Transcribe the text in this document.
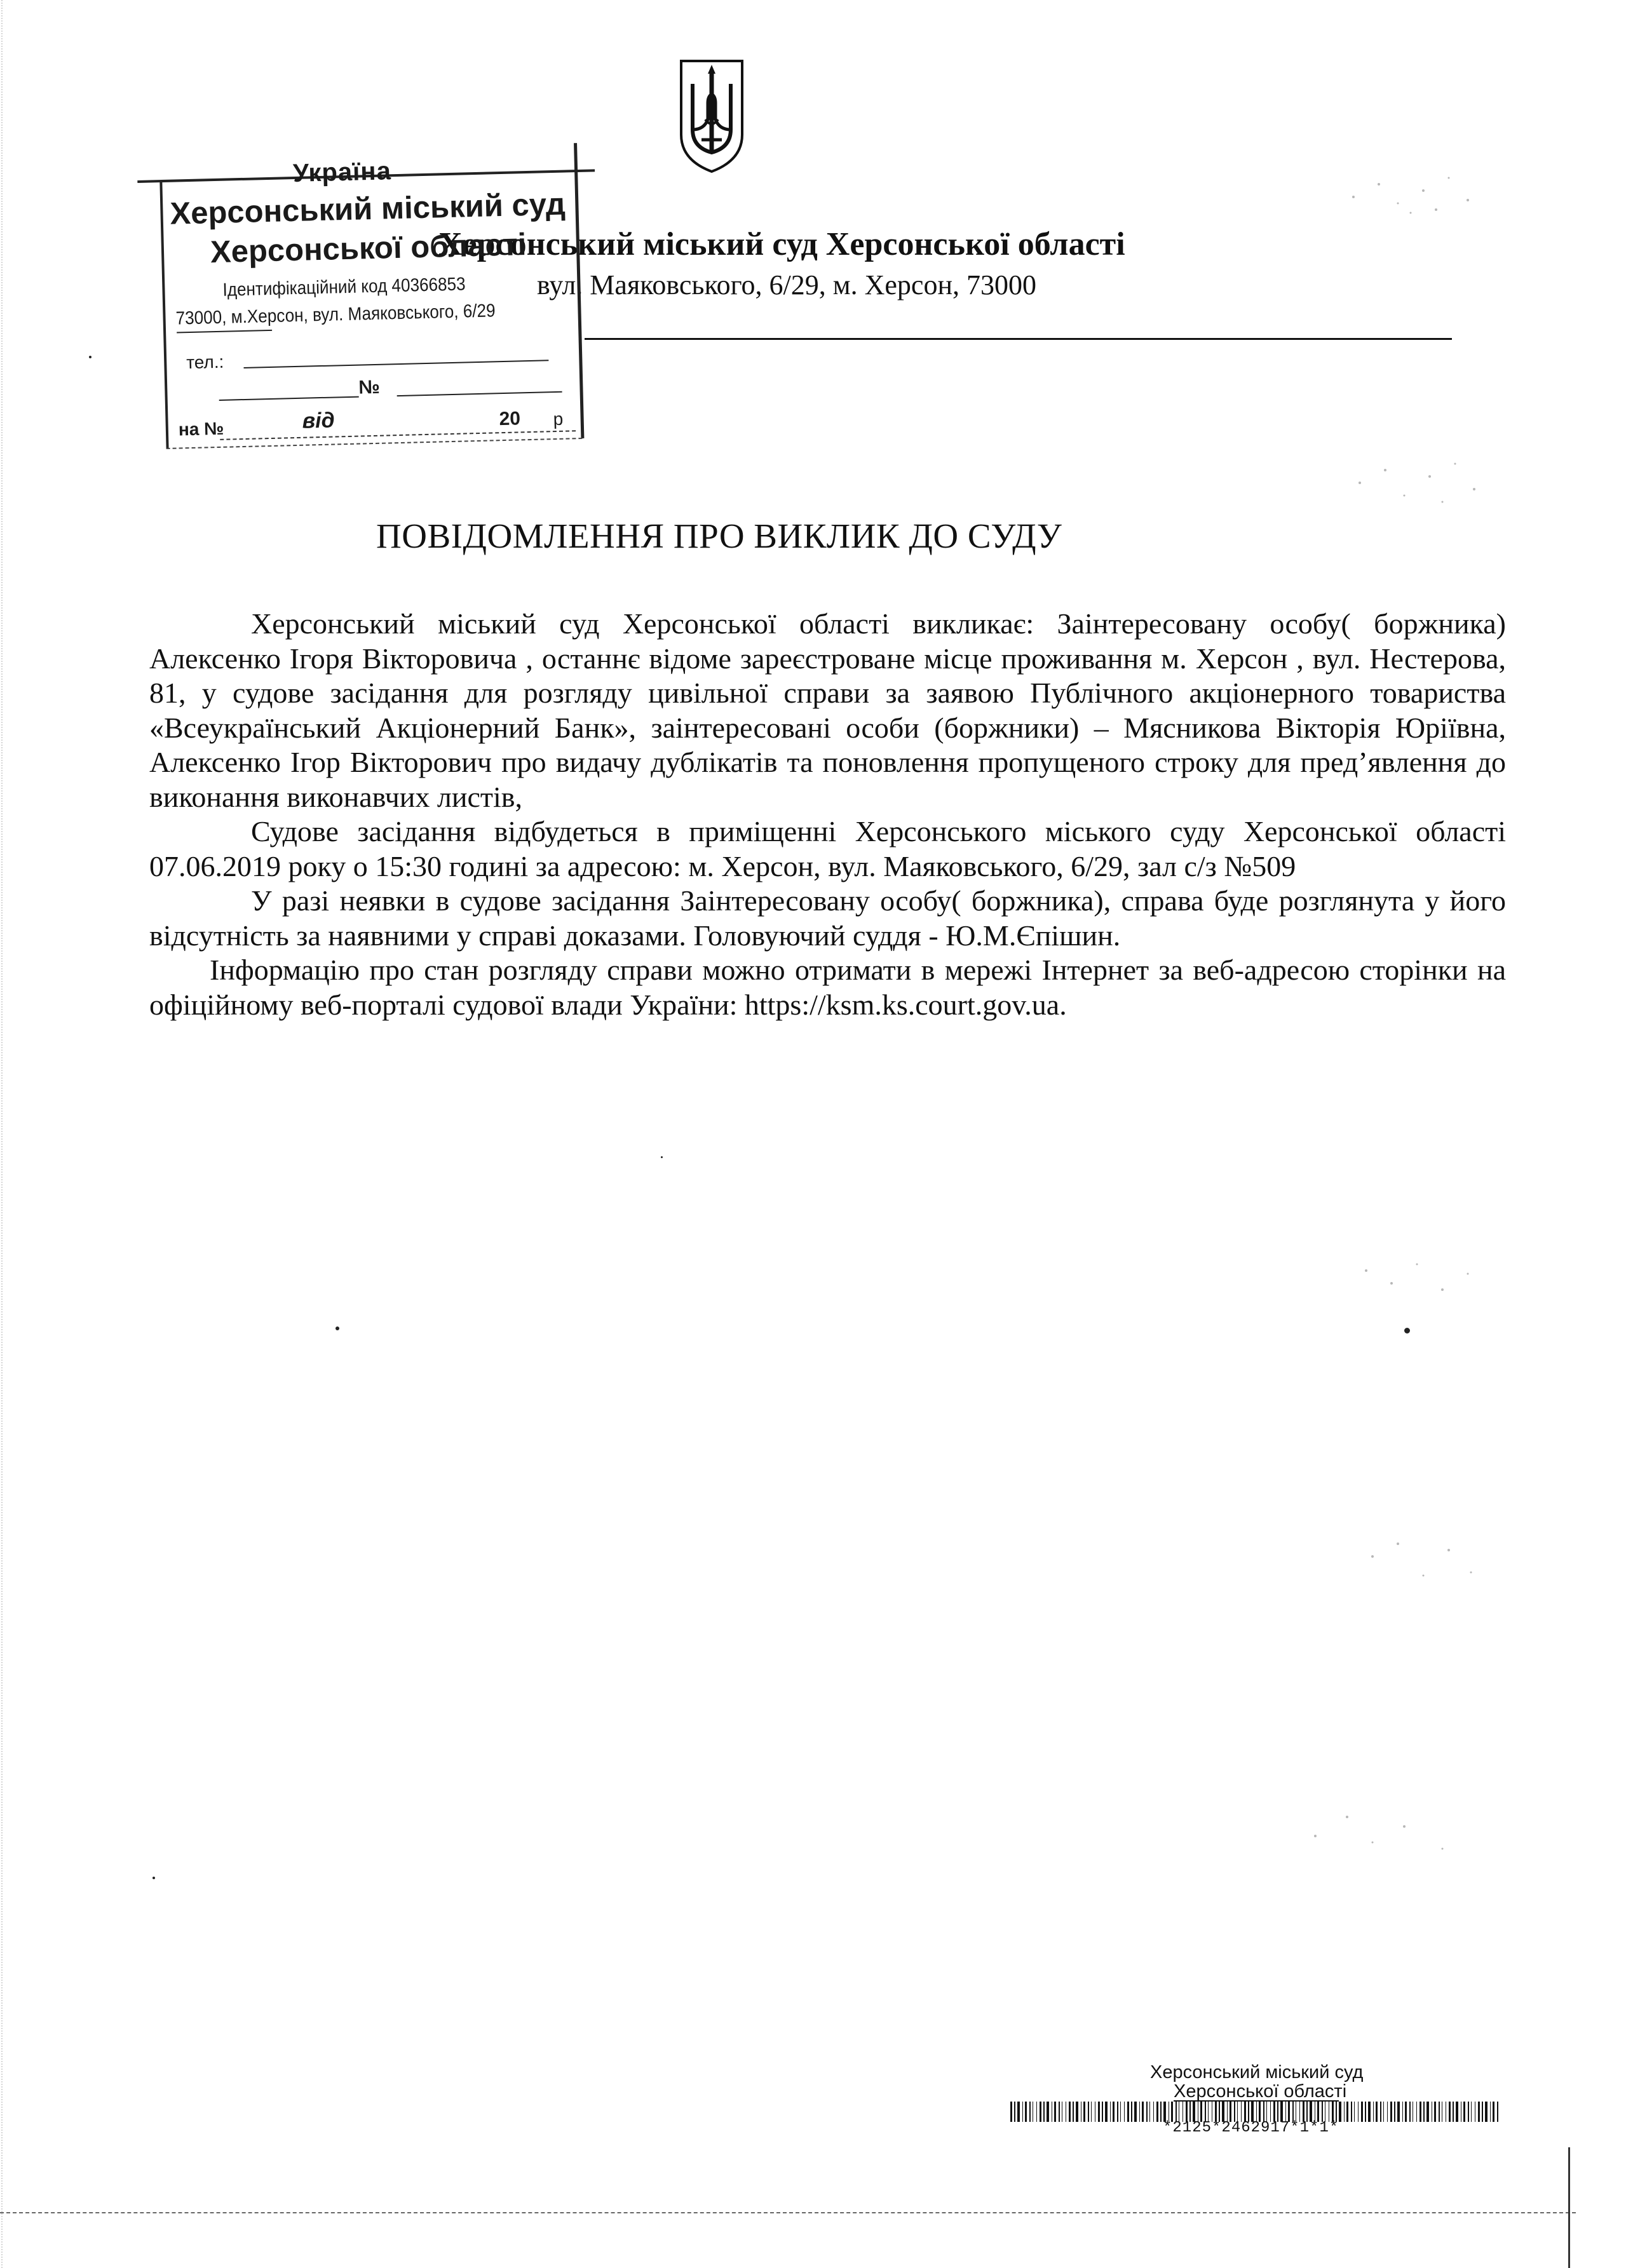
Херсонський міський суд Херсонської області
вул. Маяковського, 6/29, м. Херсон, 73000
Україна
Херсонський міський суд
Херсонської області
Ідентифікаційний код 40366853
73000, м.Херсон, вул. Маяковського, 6/29
тел.:
№
на №	від	20 р
ПОВІДОМЛЕННЯ ПРО ВИКЛИК ДО СУДУ

Херсонський міський суд Херсонської області викликає: Заінтересовану особу( боржника) Алексенко Ігоря Вікторовича , останнє відоме зареєстроване місце проживання м. Херсон , вул. Нестерова, 81, у судове засідання для розгляду цивільної справи за заявою Публічного акціонерного товариства «Всеукраїнський Акціонерний Банк», заінтересовані особи (боржники) – Мясникова Вікторія Юріївна, Алексенко Ігор Вікторович про видачу дублікатів та поновлення пропущеного строку для пред’явлення до виконання виконавчих листів,

Судове засідання відбудеться в приміщенні Херсонського міського суду Херсонської області 07.06.2019 року о 15:30 годині за адресою: м. Херсон, вул. Маяковського, 6/29, зал с/з №509

У разі неявки в судове засідання Заінтересовану особу( боржника), справа буде розглянута у його відсутність за наявними у справі доказами. Головуючий суддя - Ю.М.Єпішин.

Інформацію про стан розгляду справи можно отримати в мережі Інтернет за веб-адресою сторінки на офіційному веб-порталі судової влади України: https://ksm.ks.court.gov.ua.

Херсонський міський суд
Херсонської області
*2125*2462917*1*1*
